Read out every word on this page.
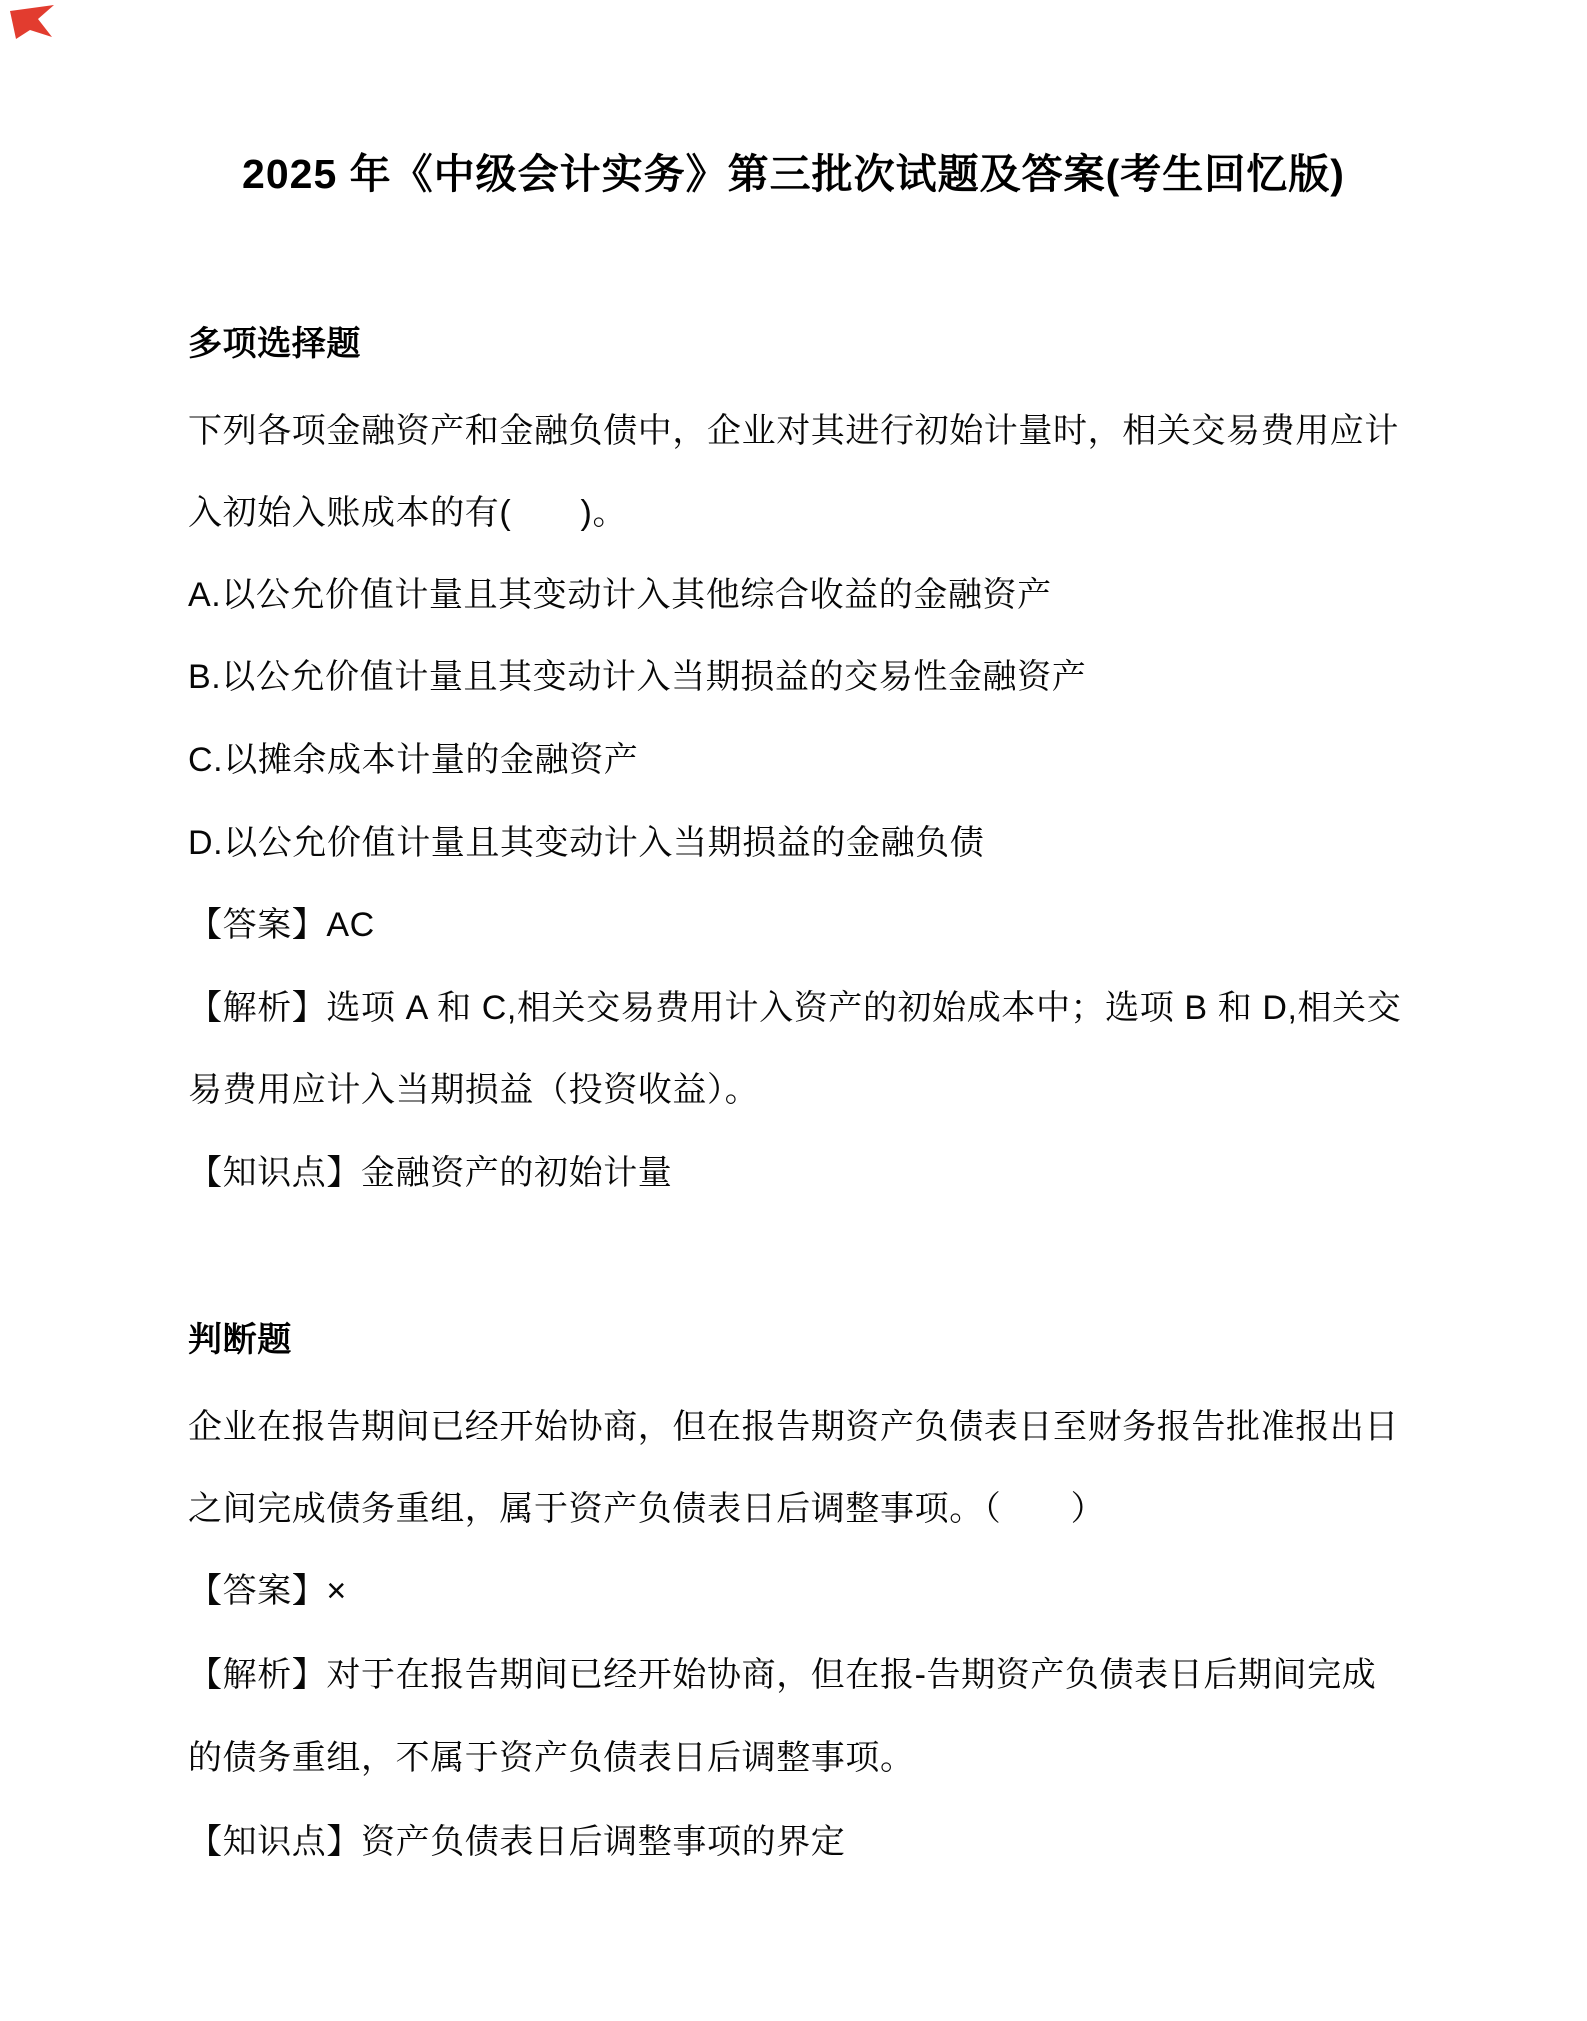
2025 年《中级会计实务》第三批次试题及答案(考生回忆版)

多项选择题

下列各项金融资产和金融负债中，企业对其进行初始计量时，相关交易费用应计

入初始入账成本的有(　　)。

A.以公允价值计量且其变动计入其他综合收益的金融资产

B.以公允价值计量且其变动计入当期损益的交易性金融资产

C.以摊余成本计量的金融资产

D.以公允价值计量且其变动计入当期损益的金融负债

【答案】AC

【解析】选项 A 和 C,相关交易费用计入资产的初始成本中；选项 B 和 D,相关交

易费用应计入当期损益（投资收益）。

【知识点】金融资产的初始计量

判断题

企业在报告期间已经开始协商，但在报告期资产负债表日至财务报告批准报出日

之间完成债务重组，属于资产负债表日后调整事项。（　　）

【答案】×

【解析】对于在报告期间已经开始协商，但在报-告期资产负债表日后期间完成

的债务重组，不属于资产负债表日后调整事项。

【知识点】资产负债表日后调整事项的界定
